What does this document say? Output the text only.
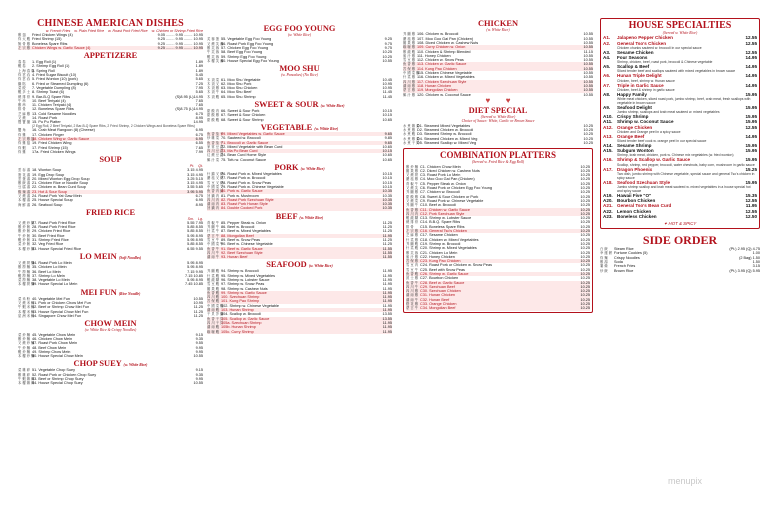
CHINESE AMERICAN DISHES
w. French Fries w. Plain Fried Rice w. Roast Pork Fried Rice w. Chicken or Shrimp Fried Rice
雞 翅	Fried Chicken Wings (4)	9.05 ........ 9.95 ........ 10.95
炸 大 蝦 Fried Shrimp (15)	9.25 ........ 9.95 ........ 10.95
無 骨 雞 Boneless Spare Ribs	9.25 ........ 9.95 ........ 10.95
左 宗 雞 Chicken Wings w. Garlic Sauce (4)	9.25 ........ 9.95 ........ 10.95
APPETIZERE
春 卷	1. Egg Roll (1)	1.89
蝦 卷	2. Shrimp Egg Roll (1)	1.89
上 海 春 卷
3. Spring Roll	1.89
炸 雲 吞 4. Fried Sugar Biscuit (10)	5.45
炸 雲 吞 5. Fried Wonton (10) (pork)	5.65
鍋 貼	6. Fried or Steamed Dumpling (6)	7.25
菜 餃	7. Vegetable Dumpling (8)	7.95
蝦 多 士 8. Shrimp Toast (6)	5.65
燒 排 骨 9. Bar-B-Q Spare Ribs	(S)8.95 (L)14.95
牛 串	10. Beef Teriyaki (4)	7.65
雞 串	11. Chicken Teriyaki (4)	7.65
排 骨	12. Boneless Spare Ribs	(S)8.75 (L)14.95
芝 麻 雞 13. Cold Sesame Noodles	6.75
叉 燒	14. Roast Pork	8.95
寶 寶 盤 15. Pu Pu Platter	14.95
(2 Egg Roll, 2 Beef Teriyaki, 2 Bar-B-Q Spare Ribs, 2 Fried Shrimp, 2 Chicken Wings and Boneless Spare Ribs)
蟹 角	16. Crab Meat Rangoon (8) (Cheese)	6.95
炸 雞	17. Chicken Finger	6.75
左 宗 雞 翅
18. Chicken Wing w. Garlic Sauce	6.95
炸 雞 翅 19. Fried Chicken Wing	6.55
炸 蝦	17. Fried Shrimp (15)	7.65
炸 雞	17a. Fried Chicken Wings	7.99
SOUP
Pt. Qt.
雲 吞 湯 18. Wonton Soup	3.15 4.95
蛋 花 湯 19. Egg Drop Soup	3.15 4.95
雲 蛋 湯 20. Mixed Wonton Egg Drop Soup	3.25 5.15
雞 飯 湯 21. Chicken Rice or Noodle Soup	3.15 4.95
豆 腐 湯 22. Chicken w. Bean Curd Soup	3.55 5.65
酸 辣 湯 23. Hot & Sour Soup	3.95 5.95
叉 燒 湯 24. Roast Pork Yat Gaw Mein	6.75
本 樓 湯 25. House Special Soup	6.95
海 鮮 湯 26. Seafood Soup	8.95
FRIED RICE
Sm. Lg.
叉 燒 炒 飯
27. Roast Pork Fried Rice	5.55 7.95
雞 炒 飯 28. Roast Pork Fried Rice	5.85 8.55
雞 炒 飯 29. Chicken Fried Rice	5.85 8.55
牛 炒 飯 30. Beef Fried Rice	5.95 8.95
蝦 炒 飯 31. Shrimp Fried Rice	5.95 8.95
菜 炒 飯 32. Veg Fried Rice	5.85 8.55
本 樓 炒 飯
33. House Special Fried Rice	6.55 9.55
LO MEIN (Soft Noodles)
叉 燒 撈 麵
34. Roast Pork Lo Mein	5.95 8.95
雞 撈 麵 35. Chicken Lo Mein	5.95 8.95
牛 撈 麵 36. Beef Lo Mein	7.15 9.95
蝦 撈 麵 37. Shrimp Lo Mein	7.15 10.85
菜 撈 麵 38. Vegetable Lo Mein	5.95 8.95
本 樓 撈 麵
39. House Special Lo Mein	7.45 10.85
MEI FUN (Rice Noodle)
菜 米 粉 40. Vegetable Mei Fun	10.55
叉 燒 米 粉
41. Pork or Chicken Chow Mei Fun	10.95
牛 蝦 米 粉
42. Beef or Shrimp Chow Mei Fun	11.25
本 樓 米 粉
43. House Special Chow Mei Fun	11.25
星 洲 米 粉
44. Singapore Chow Mei Fun	11.25
CHOW MEIN
(w. White Rice & Crispy Noodles)
菜 炒 麵 45. Vegetable Chow Mein	9.15
雞 炒 麵 46. Chicken Chow Mein	9.35
叉 燒 炒 麵
47. Roast Pork Chow Mein	9.55
牛 炒 麵 48. Beef Chow Mein	9.95
蝦 炒 麵 49. Shrimp Chow Mein	9.95
本 樓 炒 麵
50. House Special Chow Mein	10.55
CHOP SUEY (w. White Rice)
菜 雜 碎 51. Vegetable Chop Suey	9.15
雞 雜 碎 52. Roast Pork or Chicken Chop Suey	9.35
牛 蝦 雜 碎
53. Beef or Shrimp Chop Suey	9.95
本 樓 雜 碎
54. House Special Chop Suey	10.55
EGG FOO YOUNG
(w. White Rice)
芙 蓉 蛋 55. Vegetable Egg Foo Young	9.25
叉 燒 芙 蓉
56. Roast Pork Egg Foo Young	9.75
雞 芙 蓉 57. Chicken Egg Foo Young	9.75
牛 芙 蓉 58. Beef Egg Foo Young	10.25
蝦 芙 蓉 59. Shrimp Egg Foo Young	10.25
本 樓 芙 蓉
60. House Special Egg Foo Young	10.55
MOO SHU
(w. Pancakes) (No Rice)
木 須 菜 61. Moo Shu Vegetable	10.45
木 須 叉 62. Moo Shu Pork	10.95
木 須 雞 63. Moo Shu Chicken	10.95
木 須 牛 64. Moo Shu Beef	11.45
木 須 蝦 65. Moo Shu Shrimp	11.45
SWEET & SOUR (w. White Rice)
甜 酸 肉 66. Sweet & Sour Pork	10.15
甜 酸 雞 67. Sweet & Sour Chicken	10.15
甜 酸 蝦 68. Sweet & Sour Shrimp	10.65
VEGETABLE (w. White Rice)
魚 香 茄 子
69. Mixed Vegetables w. Garlic Sauce	9.65
炒 雜 菜 70. Sauteed w. Broccoli	9.85
魚 香 茄 子
71. Broccoli w. Garlic Sauce	9.65
家 常 豆 腐
72. Mixed Vegetable with Bean Curd	10.65
四 川 豆 腐
73. Ma Po Bean Curd	10.15
紅 燒 豆 腐
74. Bean Curd Home Style	10.65
椰 汁 菜 75. Tofu w. Coconut Sauce	10.65
PORK (w. White Rice)
什 錦 叉 燒
76. Roast Pork w. Mixed Vegetables	10.15
蘑 菇 叉 燒
77. Roast Pork w. Broccoli	10.15
雪 豆 叉 燒
78. Roast Pork w. Snow Peas	10.15
中 國 菜 叉
79. Roast Pork w. Chinese Vegetable	10.15
魚 香 肉 絲
80. Pork w. Garlic Sauce	10.35
回 鍋 肉 81. Pork w. Mushroom	10.35
四 川 肉 82. Roast Pork Szechuan Style	10.35
湖 南 肉 83. Roast Pork Hunan Style	10.35
回 鍋 肉 84. Double Cooked Pork	10.35
BEEF (w. White Rice)
青 椒 牛 85. Pepper Steak w. Onion	11.25
芥 蘭 牛 86. Beef w. Broccoli	11.25
什 菜 牛 87. Beef w. Mixed Vegetables	11.25
蒙 古 牛 88. Mongolian Beef	11.95
雪 豆 牛 89. Beef w. Snow Peas	11.25
中 國 菜 牛
90. Beef w. Chinese Vegetable	11.25
魚 香 牛 91. Beef w. Garlic Sauce	11.55
四 川 牛 92. Beef Szechuan Style	11.55
湖 南 牛 93. Hunan Beef	11.55
SEAFOOD (w. White Rice)
芥 蘭 蝦 94. Shrimp w. Broccoli	11.95
什 菜 蝦 95. Shrimp w. Mixed Vegetables	11.95
蝦 龍 糊 96. Shrimp w. Lobster Sauce	11.95
雪 豆 蝦 97. Shrimp w. Snow Peas	11.95
腰 果 蝦 98. Shrimp w. Cashew Nuts	11.95
魚 香 蝦 99. Shrimp w. Garlic Sauce	11.95
四 川 蝦 100. Szechuan Shrimp	11.95
宮 保 蝦 101. Kung Pao Shrimp	11.95
中 國 菜 蝦
102. Shrimp w. Chinese Vegetable	11.95
湖 南 蝦 103. Hunan Shrimp	11.95
干 貝 芥 蘭
104. Scallop w. Broccoli	13.55
魚 香 干 貝
105. Scallop w. Garlic Sauce	13.55
四 川 干 貝
105a. Szechuan Shrimp	11.95
湖 南 蝦 105b. Hunan Shrimp	11.95
咖 喱 蝦 105c. Curry Shrimp	11.95
CHICKEN
(w. White Rice)
芥 蘭 雞 106. Chicken w. Broccoli	10.55
蘑 菇 雞 107. Moo Goo Gai Pan (Chicken)	10.55
腰 果 雞 108. Diced Chicken w. Cashew Nuts	10.55
咖 喱 雞 109. Curry Chicken w. Onion	10.55
雞 龍 蝦 110. Chicken & Shrimp Blended	11.15
蜜 汁 雞 111. Honey Chicken	10.55
雪 豆 雞 112. Chicken w. Snow Peas	10.55
魚 香 雞 113. Chicken w. Garlic Sauce	10.55
宮 保 雞 114. Kung Pao Chicken	10.55
中 國 菜 雞
115. Chicken Chinese Vegetable	10.55
什 菜 雞 116. Chicken w. Mixed Vegetables	10.55
四 川 雞 117. Chicken Szechuan Style	10.55
湖 南 雞 118. Hunan Chicken	10.55
蒙 古 雞 119. Mongolian Chicken	10.55
椰 汁 雞 120. Chicken w. Coconut Sauce	10.55
♥       ♥
DIET SPECIAL
(Served w. White Rice)
Choice of Sauce: White, Garlic or Brown Sauce
水 煮 雜 菜
D1. Steamed Mixed Vegetables	10.25
水 煮 雞 D2. Steamed Chicken w. Broccoli	10.25
水 煮 蝦 D3. Steamed Shrimp w. Broccoli	10.25
水 煮 雞 菜
D4. Steamed Chicken w. Mixed Veg	10.25
水 煮 干 貝
D5. Steamed Scallop w. Mixed Veg	10.25
COMBINATION PLATTERS
(Served w. Fried Rice & Egg Roll)
雞 炒 麵 C1. Chicken Chow Mein	10.25
腰 果 雞 C2. Diced Chicken w. Cashew Nuts	10.25
叉 燒 撈 C3. Roast Pork Lo Mein	10.25
蘑 菇 雞 C4. Moo Goo Gai Pan (Chicken)	10.25
青 椒 牛 C5. Pepper Steak w. Onion	10.25
叉 燒 芙 C6. Roast Pork or Chicken Egg Foo Young	10.25
芥 蘭 雞 C7. Chicken w. Broccoli	10.25
甜 酸 雞 C8. Sweet & Sour Chicken or Pork	10.25
叉 燒 菜 C9. Roast Pork w. Chinese Vegetable	10.25
芥 蘭 牛 C10. Beef w. Broccoli	10.25
魚 香 雞 C11. Chicken w. Garlic Sauce	10.25
四 川 肉 C12. Pork Szechuan Style	10.25
蝦 龍 糊 C13. Shrimp w. Lobster Sauce	10.25
燒 排 骨 C14. B.B.Q. Spare Ribs	10.25
排 骨	C15. Boneless Spare Ribs	10.25
左 宗 雞 C16. General Tso's Chicken	10.25
芝 麻 雞 C17. Sesame Chicken	10.25
什 菜 雞 C18. Chicken w. Mixed Vegetables	10.25
芥 蘭 蝦 C19. Shrimp w. Broccoli	10.25
什 菜 蝦 C20. Shrimp w. Mixed Vegetables	10.25
雞 芙 蓉 C21. Chicken Lo Mein	10.25
蜜 汁 雞 C22. Honey Chicken	10.25
宮 保 雞 C23. Kung Pao Chicken	10.25
雪 豆 肉 C24. Roast Pork or Chicken w. Snow Peas	10.25
雪 豆 牛 C25. Beef with Snow Peas	10.25
魚 香 蝦 C26. Shrimp w. Garlic Sauce	10.25
波 士 雞 C27. Bourbon Chicken	10.25
魚 香 牛 C28. Beef w. Garlic Sauce	10.25
四 川 牛 C29. Szechuan Beef	10.25
四 川 雞 C30. Szechuan Chicken	10.25
湖 南 雞 C31. Hunan Chicken	10.25
湖 南 牛 C32. Hunan Beef	10.25
橙 花 雞 C33. Orange Chicken	10.25
蒙 古 牛 C34. Mongolian Beef	10.25
HOUSE SPECIALTIES
(Served w. White Rice)
A1.	Jalapeno Pepper Chicken	12.55
A2.	General Tso's Chicken	12.55
Chicken chunks sauteed w. broccoli in our special sauce
A3.	Sesame Chicken	12.55
A4.	Four Seasons	14.95
Shrimp, chicken, beef, roast pork, broccoli & Chinese vegetable
A5.	Scallop & Beef	14.95
Sliced tender beef and scallops sauteed with mixed vegetables in brown sauce
A6.	Hunan Triple Delight	14.95
Chicken, beef, shrimp w. Hunan sauce
A7.	Triple in Garlic Sauce	14.95
Chicken, beef & shrimp in garlic sauce
A8.	Happy Family	15.95
White meat chicken, sliced roast pork, jumbo shrimp, beef, crab meat, fresh scallops with vegetable in brown sauce
A9.	Seafood Delight	15.95
Jumbo shrimp, scallops and krab meat sauteed w. mixed vegetables
A10. Crispy Shrimp	15.95
A11. Shrimp w. Coconut Sauce	15.95
A12. Orange Chicken	12.55
Chicken and Orange peel in a spicy sauce
A13. Orange Beef	14.95
Sliced tender beef cook w. orange peel in our special sauce
A14. Sesame Shrimp	15.95
A15. Subgum Wonton	15.95
Shrimp, krab meat, chicken, pork w. Chinese mix vegetables (w. fried wonton)
A16. Shrimp & Scallop w. Garlic Sauce	15.95
Scallop, shrimp, red pepper, broccoli, water chestnuts, baby corn, mushroom in garlic sauce
A17. Dragon Phoenix	15.25
Two dish, jumbo shrimp with Chinese vegetable, special sauce and general Tso's chicken in spicy sauce
A18. Seafood Szechuan Style	15.95
Jumbo shrimp scallop and krab meat sauteed w. mixed vegetables in a house special hot and spicy sauce
A19. Hawaii Five "O"	15.35
A20. Bourbon Chicken	12.55
A21. General Tso's Bean Curd	11.95
A22. Lemon Chicken	12.55
A23. Boneless Chicken	12.50
✦ HOT & SPICY
SIDE ORDER
白 飯	Steam Rice	(Pt.) 2.95 (Q) 4.75
幸 運 餅 Fortune Cookies (5)	1.00
炸 麵	Crispy Noodles	(2 Bag) 1.50
雞 湯	Soda	1.50
薯 條	French Fries	3.15
炒 飯	Brown Rice	(Pt.) 3.95 (Q) 5.95
menupix
